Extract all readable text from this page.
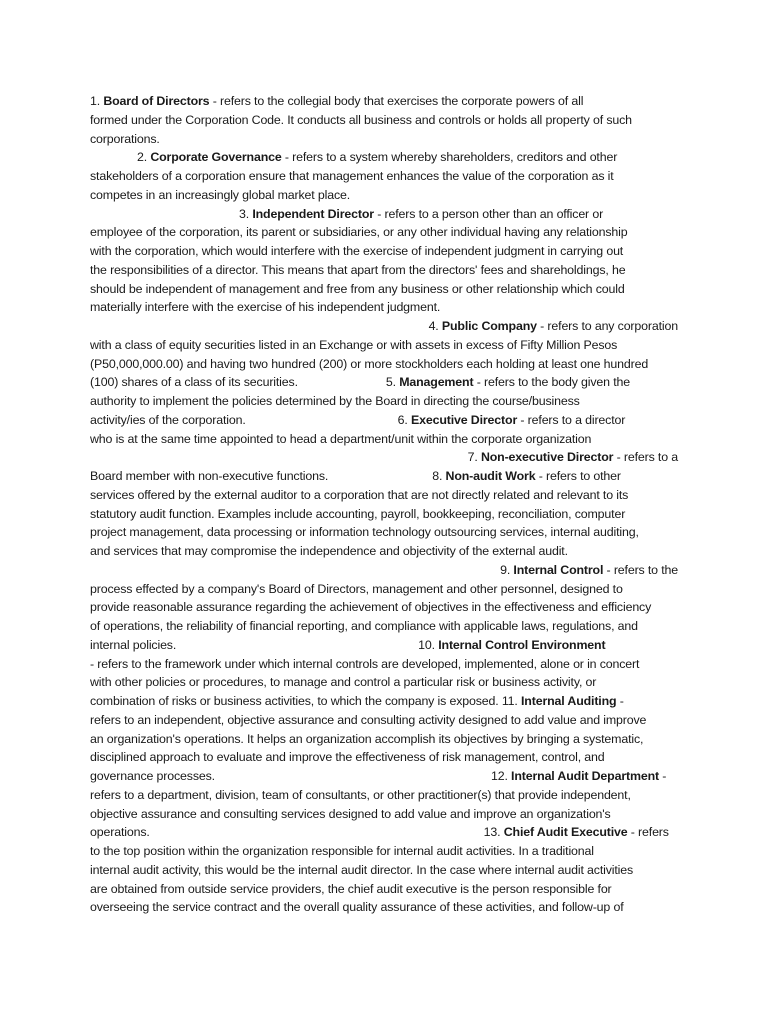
1. Board of Directors - refers to the collegial body that exercises the corporate powers of all
formed under the Corporation Code. It conducts all business and controls or holds all property of such
corporations.
2. Corporate Governance - refers to a system whereby shareholders, creditors and other
stakeholders of a corporation ensure that management enhances the value of the corporation as it
competes in an increasingly global market place.
3. Independent Director - refers to a person other than an officer or
employee of the corporation, its parent or subsidiaries, or any other individual having any relationship
with the corporation, which would interfere with the exercise of independent judgment in carrying out
the responsibilities of a director. This means that apart from the directors' fees and shareholdings, he
should be independent of management and free from any business or other relationship which could
materially interfere with the exercise of his independent judgment.
4. Public Company - refers to any corporation
with a class of equity securities listed in an Exchange or with assets in excess of Fifty Million Pesos
(P50,000,000.00) and having two hundred (200) or more stockholders each holding at least one hundred
(100) shares of a class of its securities.	5. Management - refers to the body given the
authority to implement the policies determined by the Board in directing the course/business
activity/ies of the corporation.	6. Executive Director - refers to a director
who is at the same time appointed to head a department/unit within the corporate organization
7. Non-executive Director - refers to a
Board member with non-executive functions.	8. Non-audit Work - refers to other
services offered by the external auditor to a corporation that are not directly related and relevant to its
statutory audit function. Examples include accounting, payroll, bookkeeping, reconciliation, computer
project management, data processing or information technology outsourcing services, internal auditing,
and services that may compromise the independence and objectivity of the external audit.
9. Internal Control - refers to the
process effected by a company's Board of Directors, management and other personnel, designed to
provide reasonable assurance regarding the achievement of objectives in the effectiveness and efficiency
of operations, the reliability of financial reporting, and compliance with applicable laws, regulations, and
internal policies.	10. Internal Control Environment
- refers to the framework under which internal controls are developed, implemented, alone or in concert
with other policies or procedures, to manage and control a particular risk or business activity, or
combination of risks or business activities, to which the company is exposed. 11. Internal Auditing -
refers to an independent, objective assurance and consulting activity designed to add value and improve
an organization's operations. It helps an organization accomplish its objectives by bringing a systematic,
disciplined approach to evaluate and improve the effectiveness of risk management, control, and
governance processes.	12. Internal Audit Department -
refers to a department, division, team of consultants, or other practitioner(s) that provide independent,
objective assurance and consulting services designed to add value and improve an organization's
operations.	13. Chief Audit Executive - refers
to the top position within the organization responsible for internal audit activities. In a traditional
internal audit activity, this would be the internal audit director. In the case where internal audit activities
are obtained from outside service providers, the chief audit executive is the person responsible for
overseeing the service contract and the overall quality assurance of these activities, and follow-up of
